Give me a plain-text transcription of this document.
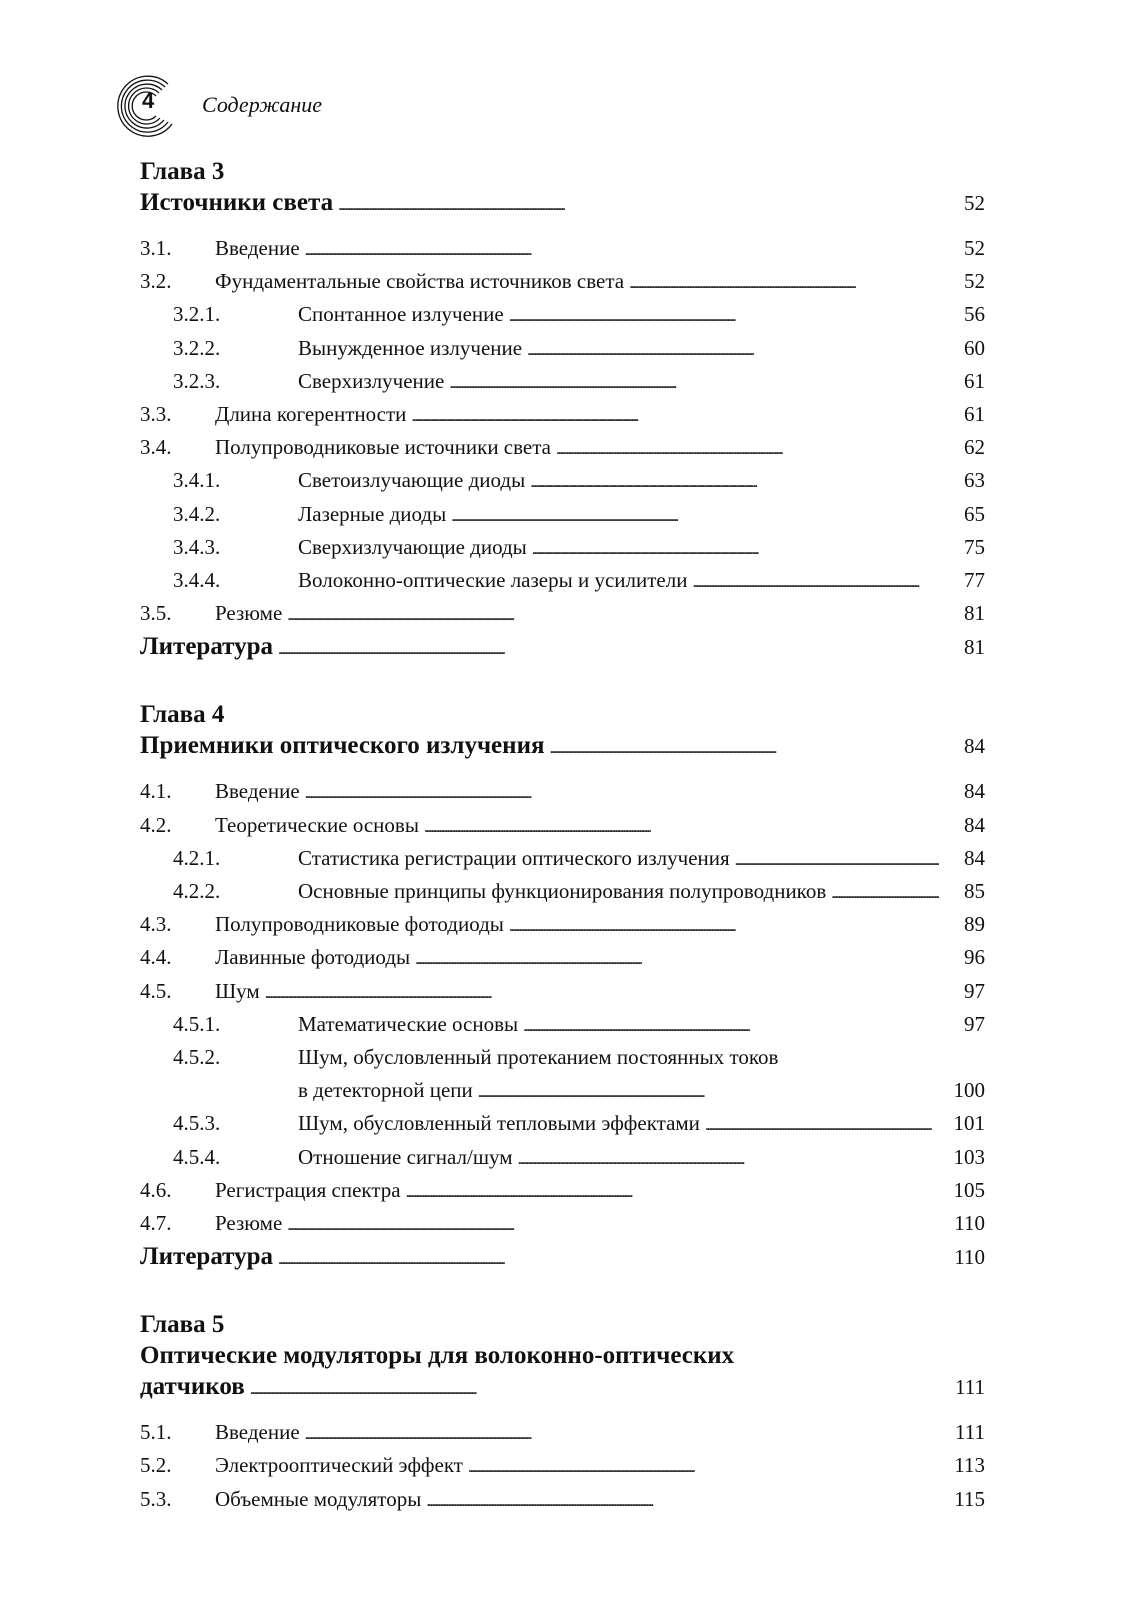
4 Содержание
Глава 3
Источники света . . .	52
3.1.	Введение . . .	52
3.2.	Фундаментальные свойства источников света . . .	52
3.2.1.	Спонтанное излучение . . .	56
3.2.2.	Вынужденное излучение . . .	60
3.2.3.	Сверхизлучение . . .	61
3.3.	Длина когерентности . . .	61
3.4.	Полупроводниковые источники света . . .	62
3.4.1.	Светоизлучающие диоды . . .	63
3.4.2.	Лазерные диоды . . .	65
3.4.3.	Сверхизлучающие диоды . . .	75
3.4.4.	Волоконно-оптические лазеры и усилители . . .	77
3.5.	Резюме . . .	81
Литература . . .	81
Глава 4
Приемники оптического излучения . . .	84
4.1.	Введение . . .	84
4.2.	Теоретические основы . . .	84
4.2.1.	Статистика регистрации оптического излучения . . .	84
4.2.2.	Основные принципы функционирования полупроводников . . .	85
4.3.	Полупроводниковые фотодиоды . . .	89
4.4.	Лавинные фотодиоды . . .	96
4.5.	Шум . . .	97
4.5.1.	Математические основы . . .	97
4.5.2.	Шум, обусловленный протеканием постоянных токов
в детекторной цепи . . .	100
4.5.3.	Шум, обусловленный тепловыми эффектами . . .	101
4.5.4.	Отношение сигнал/шум . . .	103
4.6.	Регистрация спектра . . .	105
4.7.	Резюме . . .	110
Литература . . .	110
Глава 5
Оптические модуляторы для волоконно-оптических
датчиков . . .	111
5.1.	Введение . . .	111
5.2.	Электрооптический эффект . . .	113
5.3.	Объемные модуляторы . . .	115
